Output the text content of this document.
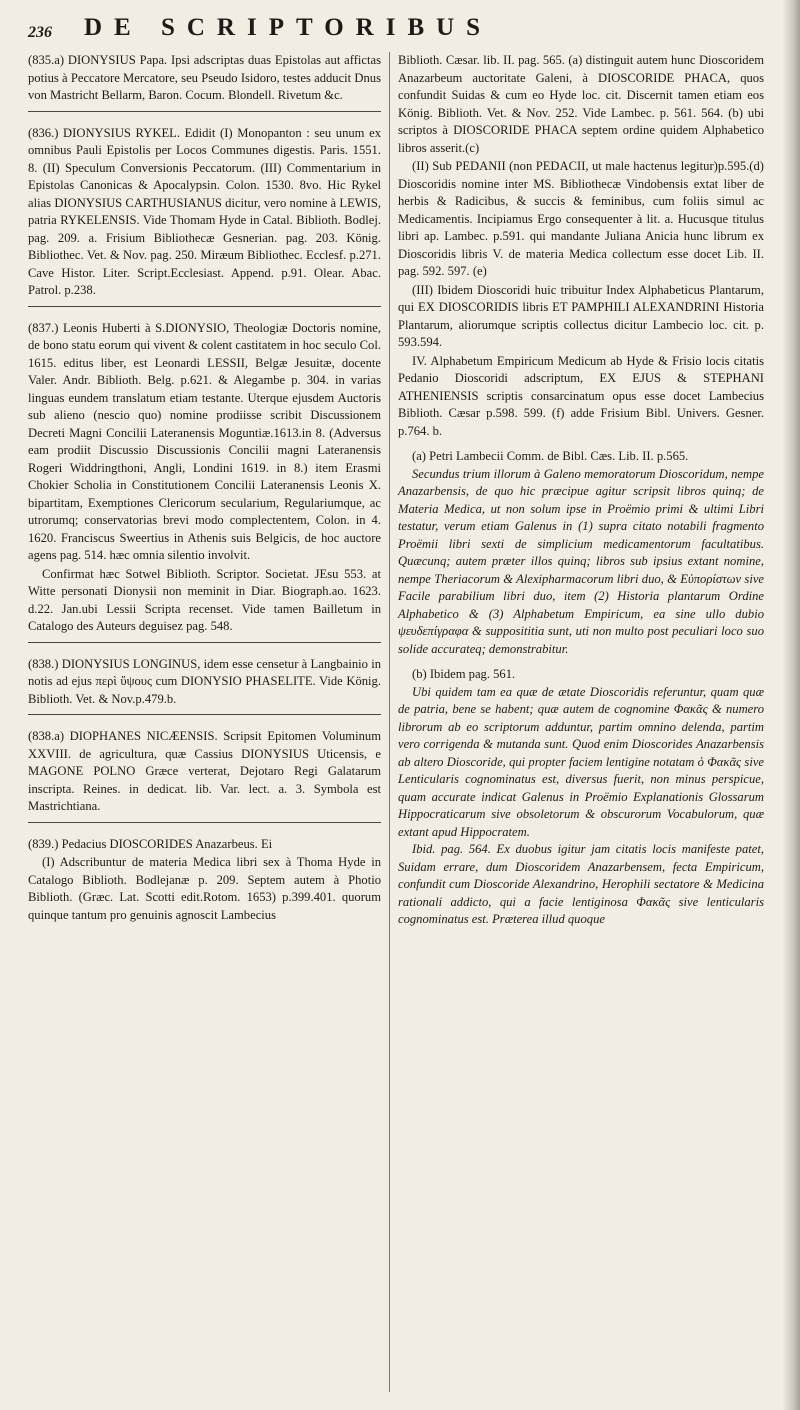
236 DE SCRIPTORIBUS

(835.a) DIONYSIUS Papa. Ipsi adscriptas duas Epistolas aut affictas potius à Peccatore Mercatore, seu Pseudo Isidoro, testes adducit Dnus von Mastricht Bellarm, Baron. Cocum. Blondell. Rivetum &c.

(836.) DIONYSIUS RYKEL. Edidit (I) Monopanton : seu unum ex omnibus Pauli Epistolis per Locos Communes digestis. Paris. 1551. 8. (II) Speculum Conversionis Peccatorum. (III) Commentarium in Epistolas Canonicas & Apocalypsin. Colon. 1530. 8vo. Hic Rykel alias DIONYSIUS CARTHUSIANUS dicitur, vero nomine à LEWIS, patria RYKELENSIS. Vide Thomam Hyde in Catal. Biblioth. Bodlej. pag. 209. a. Frisium Bibliothecæ Gesnerian. pag. 203. König. Bibliothec. Vet. & Nov. pag. 250. Miræum Bibliothec. Ecclesf. p.271. Cave Histor. Liter. Script.Ecclesiast. Append. p.91. Olear. Abac. Patrol. p.238.

(837.) Leonis Huberti à S.DIONYSIO, Theologiæ Doctoris nomine, de bono statu eorum qui vivent & colent castitatem in hoc seculo Col. 1615. editus liber, est Leonardi LESSII, Belgæ Jesuitæ, docente Valer. Andr. Biblioth. Belg. p.621. & Alegambe p. 304. in varias linguas eundem translatum etiam testante. Uterque ejusdem Auctoris sub alieno (nescio quo) nomine prodiisse scribit Discussionem Decreti Magni Concilii Lateranensis Moguntiæ.1613.in 8. (Adversus eam prodiit Discussio Discussionis Concilii magni Lateranensis Rogeri Widdringthoni, Angli, Londini 1619. in 8.) item Erasmi Chokier Scholia in Constitutionem Concilii Lateranensis Leonis X. bipartitam, Exemptiones Clericorum secularium, Regulariumque, ac utrorumq; conservatorias brevi modo complectentem, Colon. in 4. 1620. Franciscus Sweertius in Athenis suis Belgicis, de hoc auctore agens pag. 514. hæc omnia silentio involvit.

Confirmat hæc Sotwel Biblioth. Scriptor. Societat. JEsu 553. at Witte personati Dionysii non meminit in Diar. Biograph.ao. 1623. d.22. Jan.ubi Lessii Scripta recenset. Vide tamen Bailletum in Catalogo des Auteurs deguisez pag. 548.

(838.) DIONYSIUS LONGINUS, idem esse censetur à Langbainio in notis ad ejus περὶ ὕψους cum DIONYSIO PHASELITE. Vide König. Biblioth. Vet. & Nov.p.479.b.

(838.a) DIOPHANES NICÆENSIS. Scripsit Epitomen Voluminum XXVIII. de agricultura, quæ Cassius DIONYSIUS Uticensis, e MAGONE POLNO Græce verterat, Dejotaro Regi Galatarum inscripta. Reines. in dedicat. lib. Var. lect. a. 3. Symbola est Mastrichtiana.

(839.) Pedacius DIOSCORIDES Anazarbeus. Ei

(I) Adscribuntur de materia Medica libri sex à Thoma Hyde in Catalogo Biblioth. Bodlejanæ p. 209. Septem autem à Photio Biblioth. (Græc. Lat. Scotti edit.Rotom. 1653) p.399.401. quorum quinque tantum pro genuinis agnoscit Lambecius

Biblioth. Cæsar. lib. II. pag. 565. (a) distinguit autem hunc Dioscoridem Anazarbeum auctoritate Galeni, à DIOSCORIDE PHACA, quos confundit Suidas & cum eo Hyde loc. cit. Discernit tamen etiam eos König. Biblioth. Vet. & Nov. 252. Vide Lambec. p. 561. 564. (b) ubi scriptos à DIOSCORIDE PHACA septem ordine quidem Alphabetico libros asserit.(c)

(II) Sub PEDANII (non PEDACII, ut male hactenus legitur)p.595.(d) Dioscoridis nomine inter MS. Bibliothecæ Vindobensis extat liber de herbis & Radicibus, & succis & feminibus, cum foliis simul ac Medicamentis. Incipiamus Ergo consequenter à lit. a. Hucusque titulus libri ap. Lambec. p.591. qui mandante Juliana Anicia hunc librum ex Dioscoridis libris V. de materia Medica collectum esse docet Lib. II. pag. 592. 597. (e)

(III) Ibidem Dioscoridi huic tribuitur Index Alphabeticus Plantarum, qui EX DIOSCORIDIS libris ET PAMPHILI ALEXANDRINI Historia Plantarum, aliorumque scriptis collectus dicitur Lambecio loc. cit. p. 593.594.

IV. Alphabetum Empiricum Medicum ab Hyde & Frisio locis citatis Pedanio Dioscoridi adscriptum, EX EJUS & STEPHANI ATHENIENSIS scriptis consarcinatum opus esse docet Lambecius Biblioth. Cæsar p.598. 599. (f) adde Frisium Bibl. Univers. Gesner. p.764. b.

(a) Petri Lambecii Comm. de Bibl. Cæs. Lib. II. p.565.

Secundus trium illorum à Galeno memoratorum Dioscoridum, nempe Anazarbensis, de quo hic præcipue agitur scripsit libros quinq; de Materia Medica, ut non solum ipse in Proëmio primi & ultimi Libri testatur, verum etiam Galenus in (1) supra citato notabili fragmento Proëmii libri sexti de simplicium medicamentorum facultatibus. Quæcunq; autem præter illos quinq; libros sub ipsius extant nomine, nempe Theriacorum & Alexipharmacorum libri duo, & Εὐπορίστων sive Facile parabilium libri duo, item (2) Historia plantarum Ordine Alphabetico & (3) Alphabetum Empiricum, ea sine ullo dubio ψευδεπίγραφα & supposititia sunt, uti non multo post peculiari loco suo solide accurateq; demonstrabitur.

(b) Ibidem pag. 561.

Ubi quidem tam ea quæ de ætate Dioscoridis referuntur, quam quæ de patria, bene se habent; quæ autem de cognomine Φακᾶς & numero librorum ab eo scriptorum adduntur, partim omnino delenda, partim vero corrigenda & mutanda sunt. Quod enim Dioscorides Anazarbensis ab altero Dioscoride, qui propter faciem lentigine notatam ὁ Φακᾶς sive Lenticularis cognominatus est, diversus fuerit, non minus perspicue, quam accurate indicat Galenus in Proëmio Explanationis Glossarum Hippocraticarum sive obsoletorum & obscurorum Vocabulorum, quæ extant apud Hippocratem.

Ibid. pag. 564. Ex duobus igitur jam citatis locis manifeste patet, Suidam errare, dum Dioscoridem Anazarbensem, fecta Empiricum, confundit cum Dioscoride Alexandrino, Herophili sectatore & Medicina rationali addicto, qui a facie lentiginosa Φακᾶς sive lenticularis cognominatus est. Præterea illud quoque
